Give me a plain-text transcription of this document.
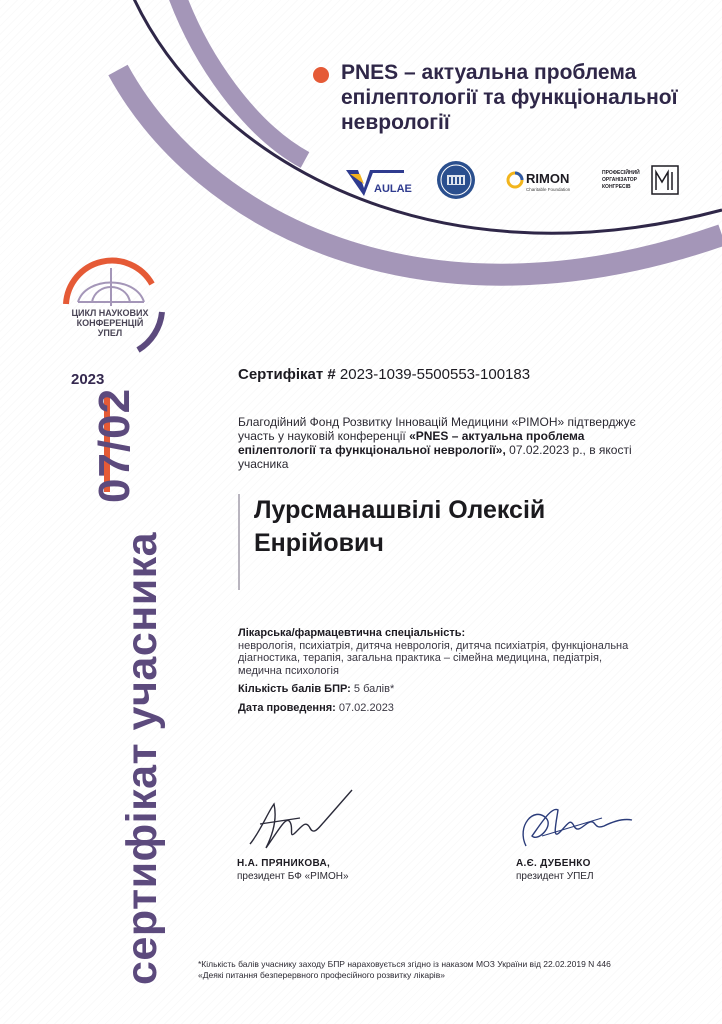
PNES – актуальна проблема епілептології та функціональної неврології
AULAE
RIMON
Charitable Foundation
ПРОФЕСІЙНИЙ
ОРГАНІЗАТОР
КОНГРЕСІВ
ЦИКЛ НАУКОВИХ КОНФЕРЕНЦІЙ УПЕЛ
2023
07/02
сертифікат учасника
Сертифікат # 2023-1039-5500553-100183
Благодійний Фонд Розвитку Інновацій Медицини «РІМОН» підтверджує участь у науковій конференції «PNES – актуальна проблема епілептології та функціональної неврології», 07.02.2023 р., в якості учасника
Лурсманашвілі Олексій Енрійович
Лікарська/фармацевтична спеціальність:
неврологія, психіатрія, дитяча неврологія, дитяча психіатрія, функціональна діагностика, терапія, загальна практика – сімейна медицина, педіатрія, медична психологія
Кількість балів БПР: 5 балів*
Дата проведення: 07.02.2023
Н.А. ПРЯНИКОВА,
президент БФ «РІМОН»
А.Є. ДУБЕНКО
президент УПЕЛ
*Кількість балів учаснику заходу БПР нараховується згідно із наказом МОЗ України від 22.02.2019 N 446
«Деякі питання безперервного професійного розвитку лікарів»
